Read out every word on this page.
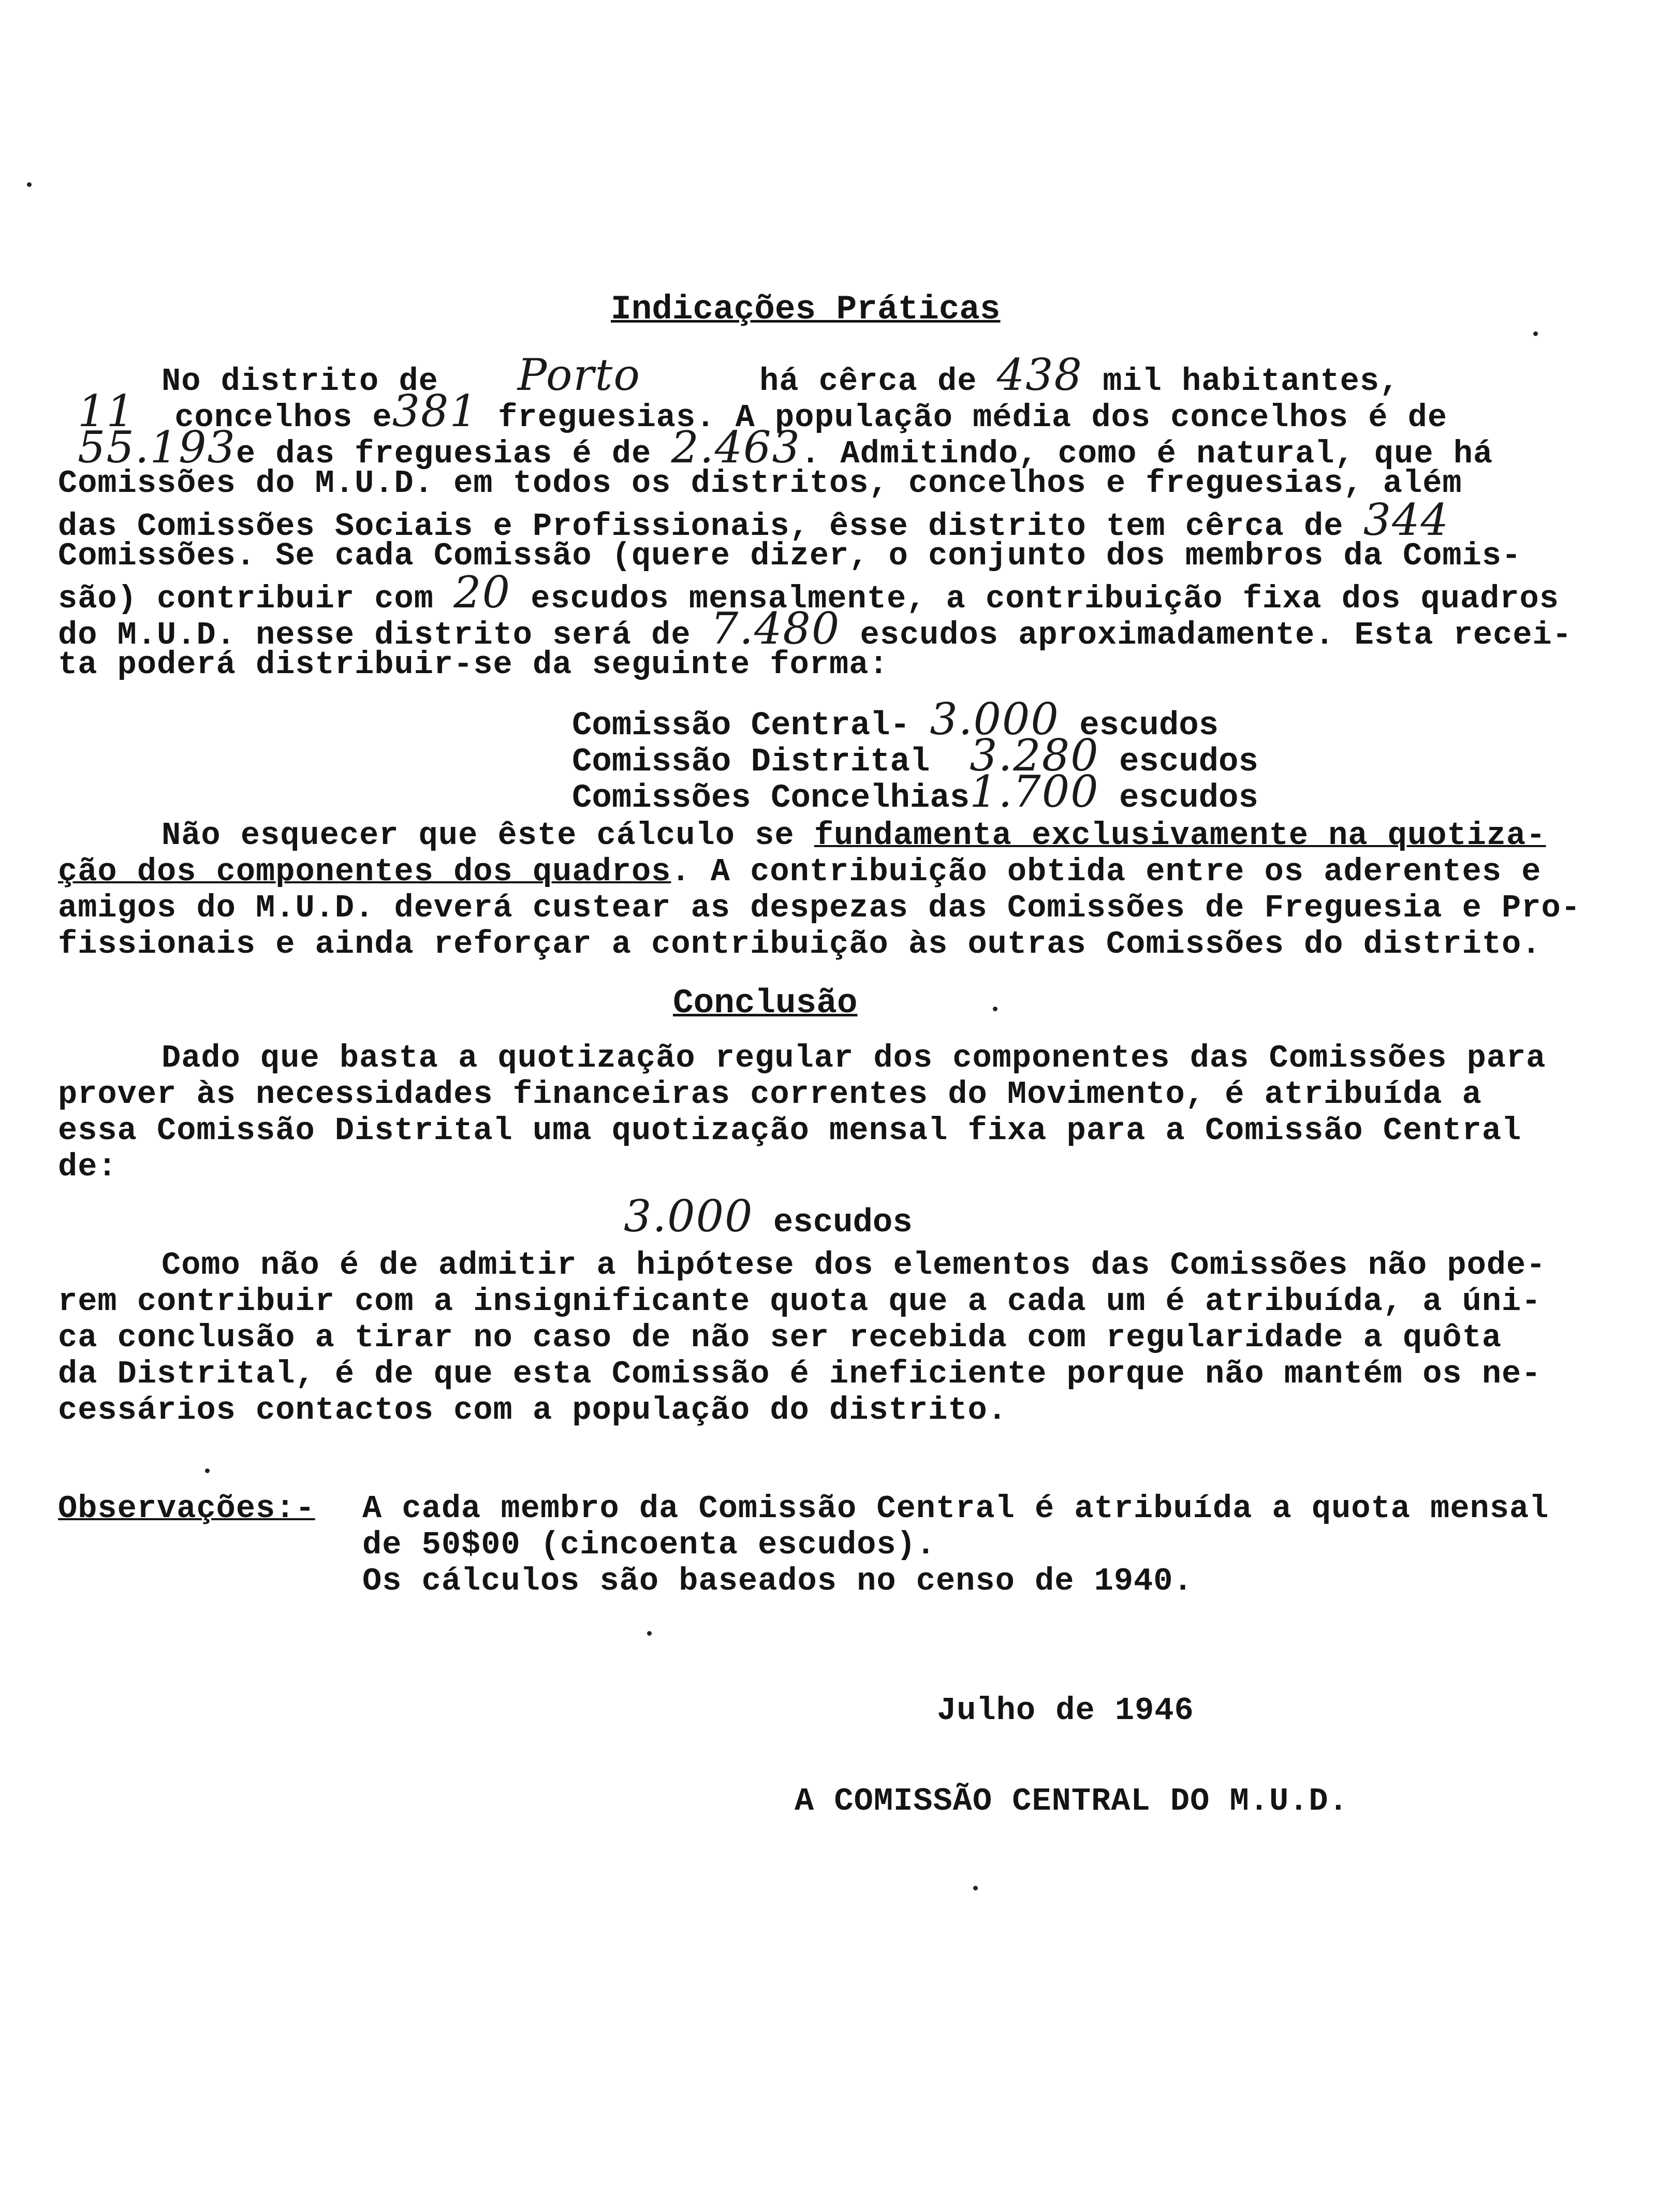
Indicações Práticas
No distrito de Porto	há cêrca de 438 mil habitantes,
11 concelhos e381 freguesias. A população média dos concelhos é de
55.193e das freguesias é de 2.463. Admitindo, como é natural, que há
Comissões do M.U.D. em todos os distritos, concelhos e freguesias, além
das Comissões Sociais e Profissionais, êsse distrito tem cêrca de 344
Comissões. Se cada Comissão (quere dizer, o conjunto dos membros da Comis-
são) contribuir com 20 escudos mensalmente, a contribuição fixa dos quadros
do M.U.D. nesse distrito será de 7.480 escudos aproximadamente. Esta recei-
ta poderá distribuir-se da seguinte forma:
Comissão Central- 3.000 escudos
Comissão Distrital 3.280 escudos
Comissões Concelhias1.700 escudos
Não esquecer que êste cálculo se fundamenta exclusivamente na quotiza-
ção dos componentes dos quadros. A contribuição obtida entre os aderentes e
amigos do M.U.D. deverá custear as despezas das Comissões de Freguesia e Pro-
fissionais e ainda reforçar a contribuição às outras Comissões do distrito.
Conclusão
Dado que basta a quotização regular dos componentes das Comissões para
prover às necessidades financeiras correntes do Movimento, é atribuída a
essa Comissão Distrital uma quotização mensal fixa para a Comissão Central
de:
3.000 escudos
Como não é de admitir a hipótese dos elementos das Comissões não pode-
rem contribuir com a insignificante quota que a cada um é atribuída, a úni-
ca conclusão a tirar no caso de não ser recebida com regularidade a quôta
da Distrital, é de que esta Comissão é ineficiente porque não mantém os ne-
cessários contactos com a população do distrito.
Observações:- A cada membro da Comissão Central é atribuída a quota mensal
de 50$00 (cincoenta escudos).
Os cálculos são baseados no censo de 1940.
Julho de 1946
A COMISSÃO CENTRAL DO M.U.D.
